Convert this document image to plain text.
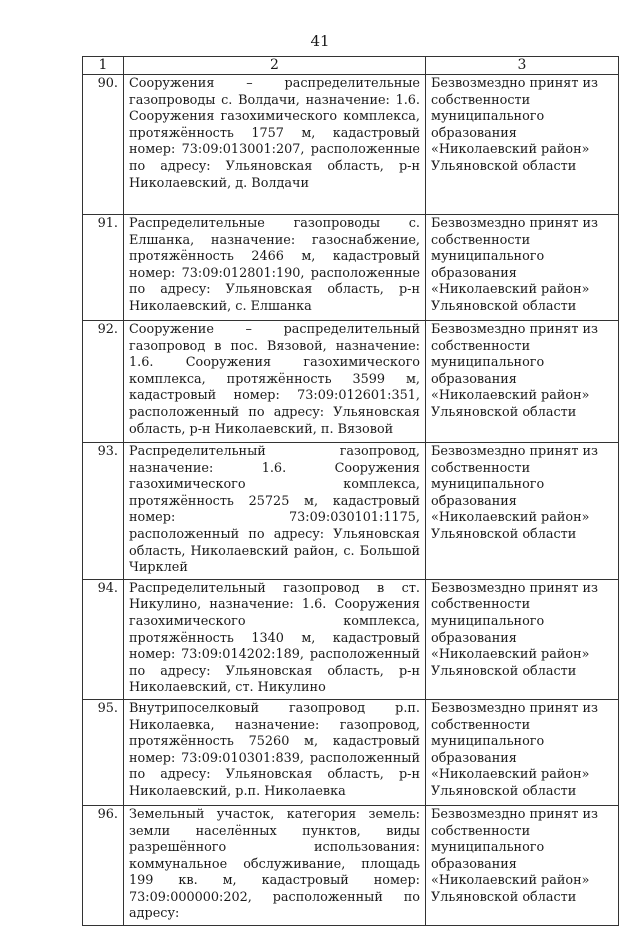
41
1	2	3
90.	Сооружения – распределительные газопроводы с. Волдачи, назначение: 1.6. Сооружения газохимического комплекса, протяжённость 1757 м, кадастровый номер: 73:09:013001:207, расположенные по адресу: Ульяновская область, р-н Николаевский, д. Волдачи	Безвозмездно принят из собственности муниципального образования «Николаевский район» Ульяновской области
91.	Распределительные газопроводы с. Елшанка, назначение: газоснабжение, протяжённость 2466 м, кадастровый номер: 73:09:012801:190, расположенные по адресу: Ульяновская область, р-н Николаевский, с. Елшанка	Безвозмездно принят из собственности муниципального образования «Николаевский район» Ульяновской области
92.	Сооружение – распределительный газопровод в пос. Вязовой, назначение: 1.6. Сооружения газохимического комплекса, протяжённость 3599 м, кадастровый номер: 73:09:012601:351, расположенный по адресу: Ульяновская область, р-н Николаевский, п. Вязовой	Безвозмездно принят из собственности муниципального образования «Николаевский район» Ульяновской области
93.	Распределительный газопровод, назначение: 1.6. Сооружения газохимического комплекса, протяжённость 25725 м, кадастровый номер: 73:09:030101:1175, расположенный по адресу: Ульяновская область, Николаевский район, с. Большой Чирклей	Безвозмездно принят из собственности муниципального образования «Николаевский район» Ульяновской области
94.	Распределительный газопровод в ст. Никулино, назначение: 1.6. Сооружения газохимического комплекса, протяжённость 1340 м, кадастровый номер: 73:09:014202:189, расположенный по адресу: Ульяновская область, р-н Николаевский, ст. Никулино	Безвозмездно принят из собственности муниципального образования «Николаевский район» Ульяновской области
95.	Внутрипоселковый газопровод р.п. Николаевка, назначение: газопровод, протяжённость 75260 м, кадастровый номер: 73:09:010301:839, расположенный по адресу: Ульяновская область, р-н Николаевский, р.п. Николаевка	Безвозмездно принят из собственности муниципального образования «Николаевский район» Ульяновской области
96.	Земельный участок, категория земель: земли населённых пунктов, виды разрешённого использования: коммунальное обслуживание, площадь 199 кв. м, кадастровый номер: 73:09:000000:202, расположенный по адресу:	Безвозмездно принят из собственности муниципального образования «Николаевский район» Ульяновской области
